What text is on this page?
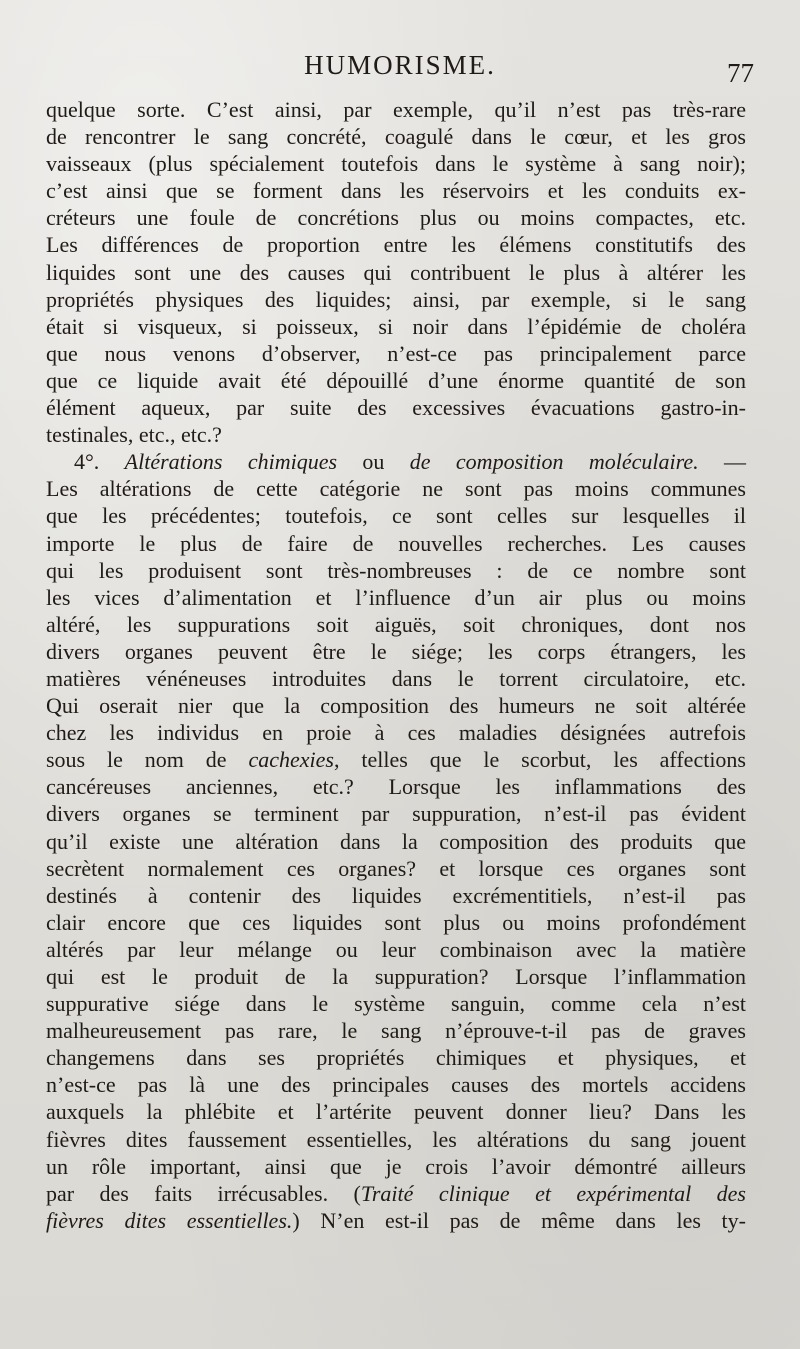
HUMORISME.	77
quelque sorte. C’est ainsi, par exemple, qu’il n’est pas très-rare
de rencontrer le sang concrété, coagulé dans le cœur, et les gros
vaisseaux (plus spécialement toutefois dans le système à sang noir);
c’est ainsi que se forment dans les réservoirs et les conduits ex-
créteurs une foule de concrétions plus ou moins compactes, etc.
Les différences de proportion entre les élémens constitutifs des
liquides sont une des causes qui contribuent le plus à altérer les
propriétés physiques des liquides; ainsi, par exemple, si le sang
était si visqueux, si poisseux, si noir dans l’épidémie de choléra
que nous venons d’observer, n’est-ce pas principalement parce
que ce liquide avait été dépouillé d’une énorme quantité de son
élément aqueux, par suite des excessives évacuations gastro-in-
testinales, etc., etc.?
4°. Altérations chimiques ou de composition moléculaire. —
Les altérations de cette catégorie ne sont pas moins communes
que les précédentes; toutefois, ce sont celles sur lesquelles il
importe le plus de faire de nouvelles recherches. Les causes
qui les produisent sont très-nombreuses : de ce nombre sont
les vices d’alimentation et l’influence d’un air plus ou moins
altéré, les suppurations soit aiguës, soit chroniques, dont nos
divers organes peuvent être le siége; les corps étrangers, les
matières vénéneuses introduites dans le torrent circulatoire, etc.
Qui oserait nier que la composition des humeurs ne soit altérée
chez les individus en proie à ces maladies désignées autrefois
sous le nom de cachexies, telles que le scorbut, les affections
cancéreuses anciennes, etc.? Lorsque les inflammations des
divers organes se terminent par suppuration, n’est-il pas évident
qu’il existe une altération dans la composition des produits que
secrètent normalement ces organes? et lorsque ces organes sont
destinés à contenir des liquides excrémentitiels, n’est-il pas
clair encore que ces liquides sont plus ou moins profondément
altérés par leur mélange ou leur combinaison avec la matière
qui est le produit de la suppuration? Lorsque l’inflammation
suppurative siége dans le système sanguin, comme cela n’est
malheureusement pas rare, le sang n’éprouve-t-il pas de graves
changemens dans ses propriétés chimiques et physiques, et
n’est-ce pas là une des principales causes des mortels accidens
auxquels la phlébite et l’artérite peuvent donner lieu? Dans les
fièvres dites faussement essentielles, les altérations du sang jouent
un rôle important, ainsi que je crois l’avoir démontré ailleurs
par des faits irrécusables. (Traité clinique et expérimental des
fièvres dites essentielles.) N’en est-il pas de même dans les ty-
